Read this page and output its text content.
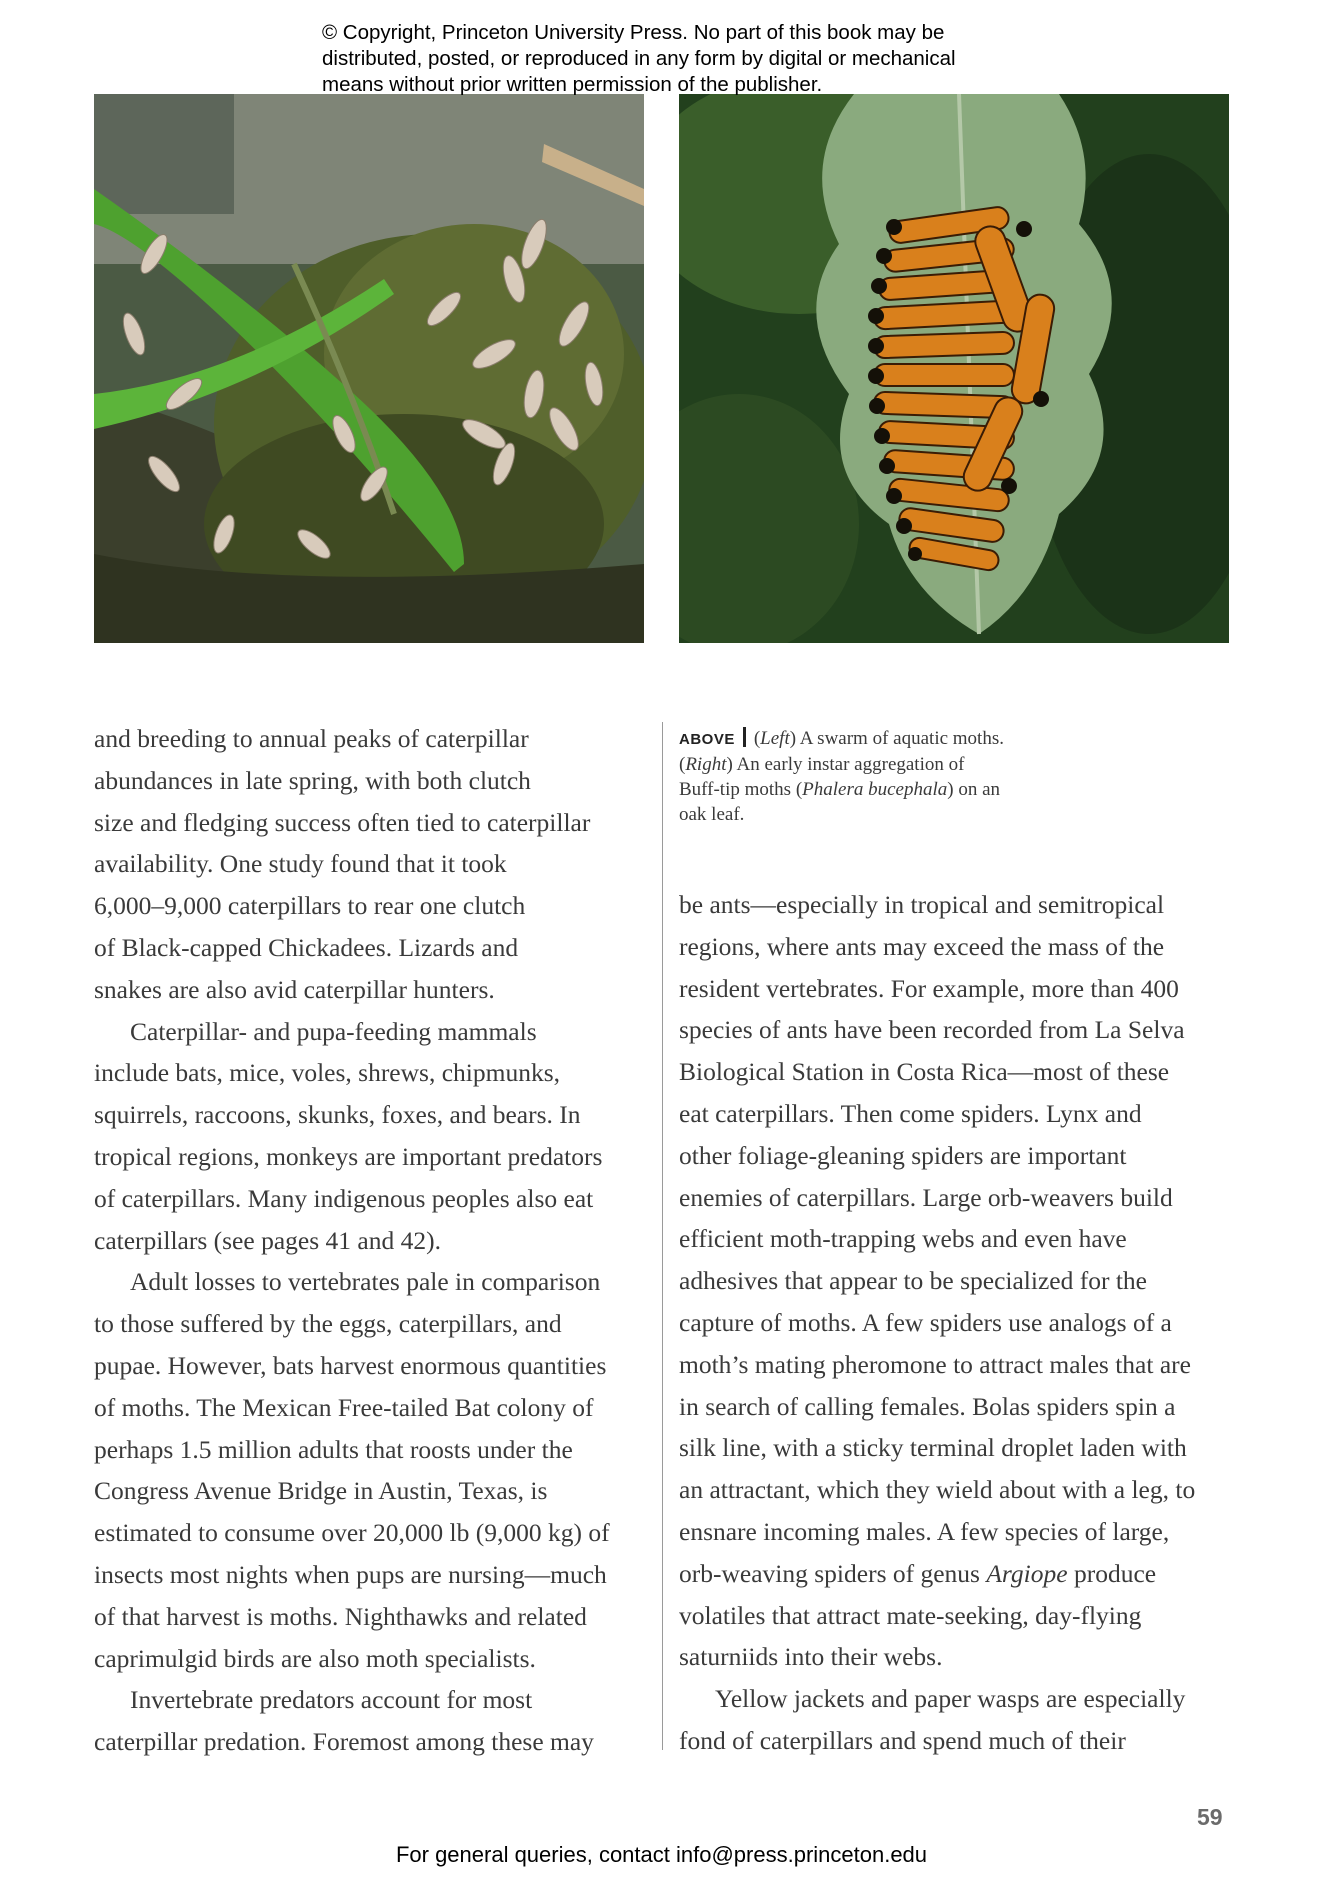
© Copyright, Princeton University Press. No part of this book may be
distributed, posted, or reproduced in any form by digital or mechanical
means without prior written permission of the publisher.

and breeding to annual peaks of caterpillar

abundances in late spring, with both clutch

size and fledging success often tied to caterpillar

availability. One study found that it took

6,000–9,000 caterpillars to rear one clutch

of Black-capped Chickadees. Lizards and

snakes are also avid caterpillar hunters.

Caterpillar- and pupa-feeding mammals

include bats, mice, voles, shrews, chipmunks,

squirrels, raccoons, skunks, foxes, and bears. In

tropical regions, monkeys are important predators

of caterpillars. Many indigenous peoples also eat

caterpillars (see pages 41 and 42).

Adult losses to vertebrates pale in comparison

to those suffered by the eggs, caterpillars, and

pupae. However, bats harvest enormous quantities

of moths. The Mexican Free-tailed Bat colony of

perhaps 1.5 million adults that roosts under the

Congress Avenue Bridge in Austin, Texas, is

estimated to consume over 20,000 lb (9,000 kg) of

insects most nights when pups are nursing—much

of that harvest is moths. Nighthawks and related

caprimulgid birds are also moth specialists.

Invertebrate predators account for most

caterpillar predation. Foremost among these may

ABOVE (Left) A swarm of aquatic moths. (Right) An early instar aggregation of Buff-tip moths (Phalera bucephala) on an oak leaf.

be ants—especially in tropical and semitropical

regions, where ants may exceed the mass of the

resident vertebrates. For example, more than 400

species of ants have been recorded from La Selva

Biological Station in Costa Rica—most of these

eat caterpillars. Then come spiders. Lynx and

other foliage-gleaning spiders are important

enemies of caterpillars. Large orb-weavers build

efficient moth-trapping webs and even have

adhesives that appear to be specialized for the

capture of moths. A few spiders use analogs of a

moth’s mating pheromone to attract males that are

in search of calling females. Bolas spiders spin a

silk line, with a sticky terminal droplet laden with

an attractant, which they wield about with a leg, to

ensnare incoming males. A few species of large,

orb-weaving spiders of genus Argiope produce

volatiles that attract mate-seeking, day-flying

saturniids into their webs.

Yellow jackets and paper wasps are especially

fond of caterpillars and spend much of their

59
For general queries, contact info@press.princeton.edu
